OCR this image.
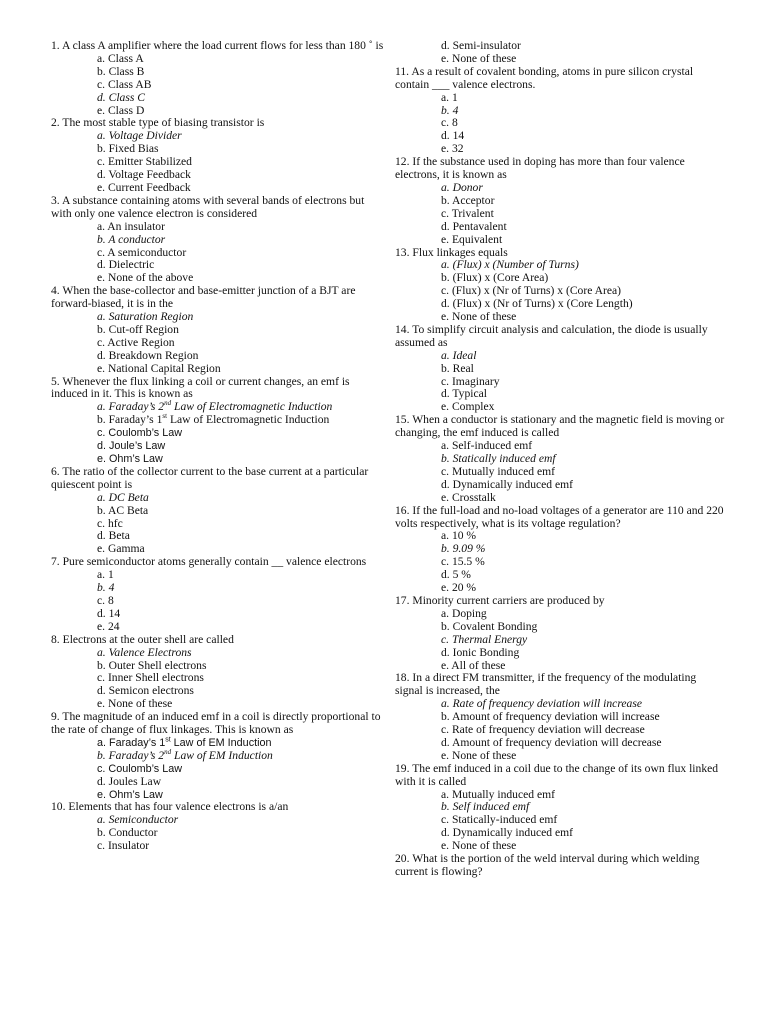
1. A class A amplifier where the load current flows for less than 180 ˚ is

a. Class A
b. Class B
c. Class AB
d. Class C
e. Class D

2. The most stable type of biasing transistor is

a. Voltage Divider
b. Fixed Bias
c. Emitter Stabilized
d. Voltage Feedback
e. Current Feedback

3. A substance containing atoms with several bands of electrons but with only one valence electron is considered

a. An insulator
b. A conductor
c. A semiconductor
d. Dielectric
e. None of the above

4. When the base-collector and base-emitter junction of a BJT are forward-biased, it is in the

a. Saturation Region
b. Cut-off Region
c. Active Region
d. Breakdown Region
e. National Capital Region

5. Whenever the flux linking a coil or current changes, an emf is induced in it. This is known as

a. Faraday’s 2nd Law of Electromagnetic Induction
b. Faraday’s 1st Law of Electromagnetic Induction
c. Coulomb’s Law
d. Joule’s Law
e. Ohm’s Law

6. The ratio of the collector current to the base current at a particular quiescent point is

a. DC Beta
b. AC Beta
c. hfc
d. Beta
e. Gamma

7. Pure semiconductor atoms generally contain __ valence electrons

a. 1
b. 4
c. 8
d. 14
e. 24

8. Electrons at the outer shell are called

a. Valence Electrons
b. Outer Shell electrons
c. Inner Shell electrons
d. Semicon electrons
e. None of these

9. The magnitude of an induced emf in a coil is directly proportional to the rate of change of flux linkages. This is known as

a. Faraday’s 1st Law of EM Induction
b. Faraday’s 2nd Law of EM Induction
c. Coulomb’s Law
d. Joules Law
e. Ohm’s Law

10. Elements that has four valence electrons is a/an

a. Semiconductor
b. Conductor
c. Insulator
d. Semi-insulator
e. None of these

11. As a result of covalent bonding, atoms in pure silicon crystal contain ___ valence electrons.

a. 1
b. 4
c. 8
d. 14
e. 32

12. If the substance used in doping has more than four valence electrons, it is known as

a. Donor
b. Acceptor
c. Trivalent
d. Pentavalent
e. Equivalent

13. Flux linkages equals

a. (Flux) x (Number of Turns)
b. (Flux) x (Core Area)
c. (Flux) x (Nr of Turns) x (Core Area)
d. (Flux) x (Nr of Turns) x (Core Length)
e. None of these

14. To simplify circuit analysis and calculation, the diode is usually assumed as

a. Ideal
b. Real
c. Imaginary
d. Typical
e. Complex

15. When a conductor is stationary and the magnetic field is moving or changing, the emf induced is called

a. Self-induced emf
b. Statically induced emf
c. Mutually induced emf
d. Dynamically induced emf
e. Crosstalk

16. If the full-load and no-load voltages of a generator are 110 and 220 volts respectively, what is its voltage regulation?

a. 10 %
b. 9.09 %
c. 15.5 %
d. 5 %
e. 20 %

17. Minority current carriers are produced by

a. Doping
b. Covalent Bonding
c. Thermal Energy
d. Ionic Bonding
e. All of these

18. In a direct FM transmitter, if the frequency of the modulating signal is increased, the

a. Rate of frequency deviation will increase
b. Amount of frequency deviation will increase
c. Rate of frequency deviation will decrease
d. Amount of frequency deviation will decrease
e. None of these

19. The emf induced in a coil due to the change of its own flux linked with it is called

a. Mutually induced emf
b. Self induced emf
c. Statically-induced emf
d. Dynamically induced emf
e. None of these

20. What is the portion of the weld interval during which welding current is flowing?
